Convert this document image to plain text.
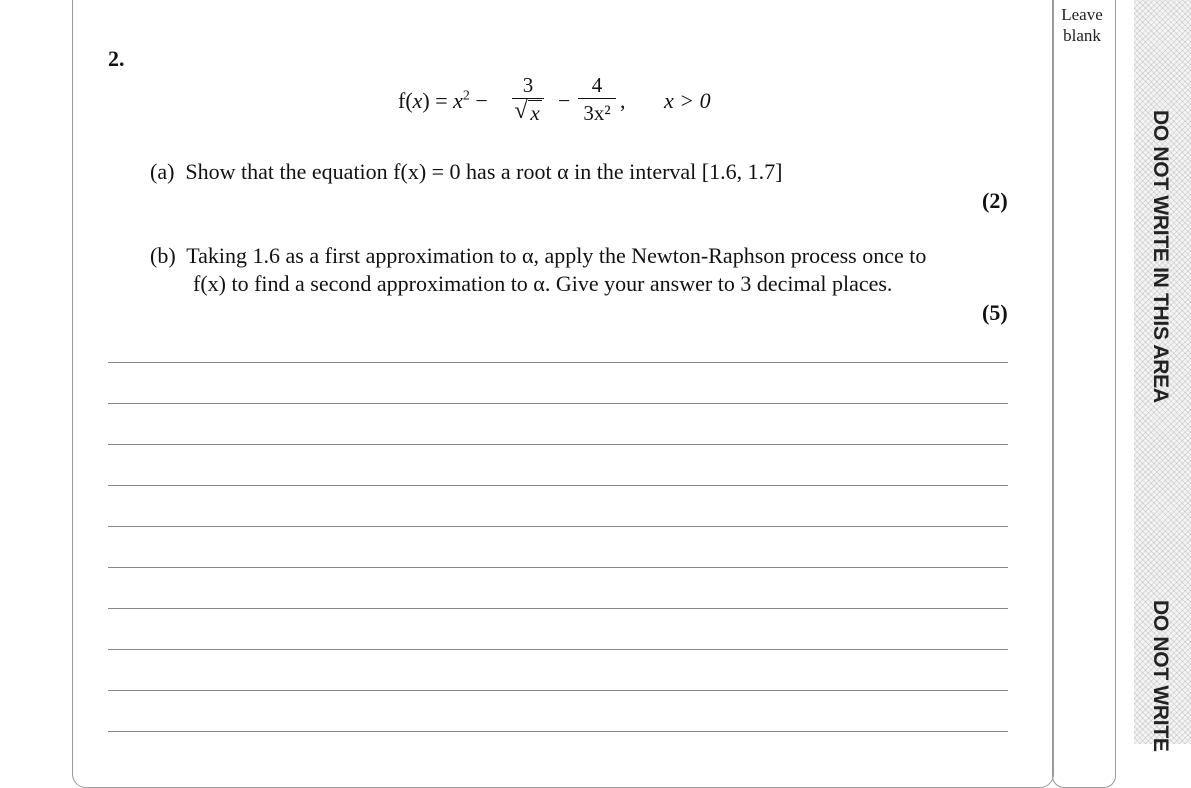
2.
$f(x) = x^2$ −
3
√ x −
4
3x² , x > 0
(a) Show that the equation f(x) = 0 has a root α in the interval [1.6, 1.7]
(2)
(b) Taking 1.6 as a first approximation to α, apply the Newton-Raphson process once to
f(x) to find a second approximation to α. Give your answer to 3 decimal places.
(5)
Leave
blank
DO NOT WRITE IN THIS AREA
DO NOT WRITE
